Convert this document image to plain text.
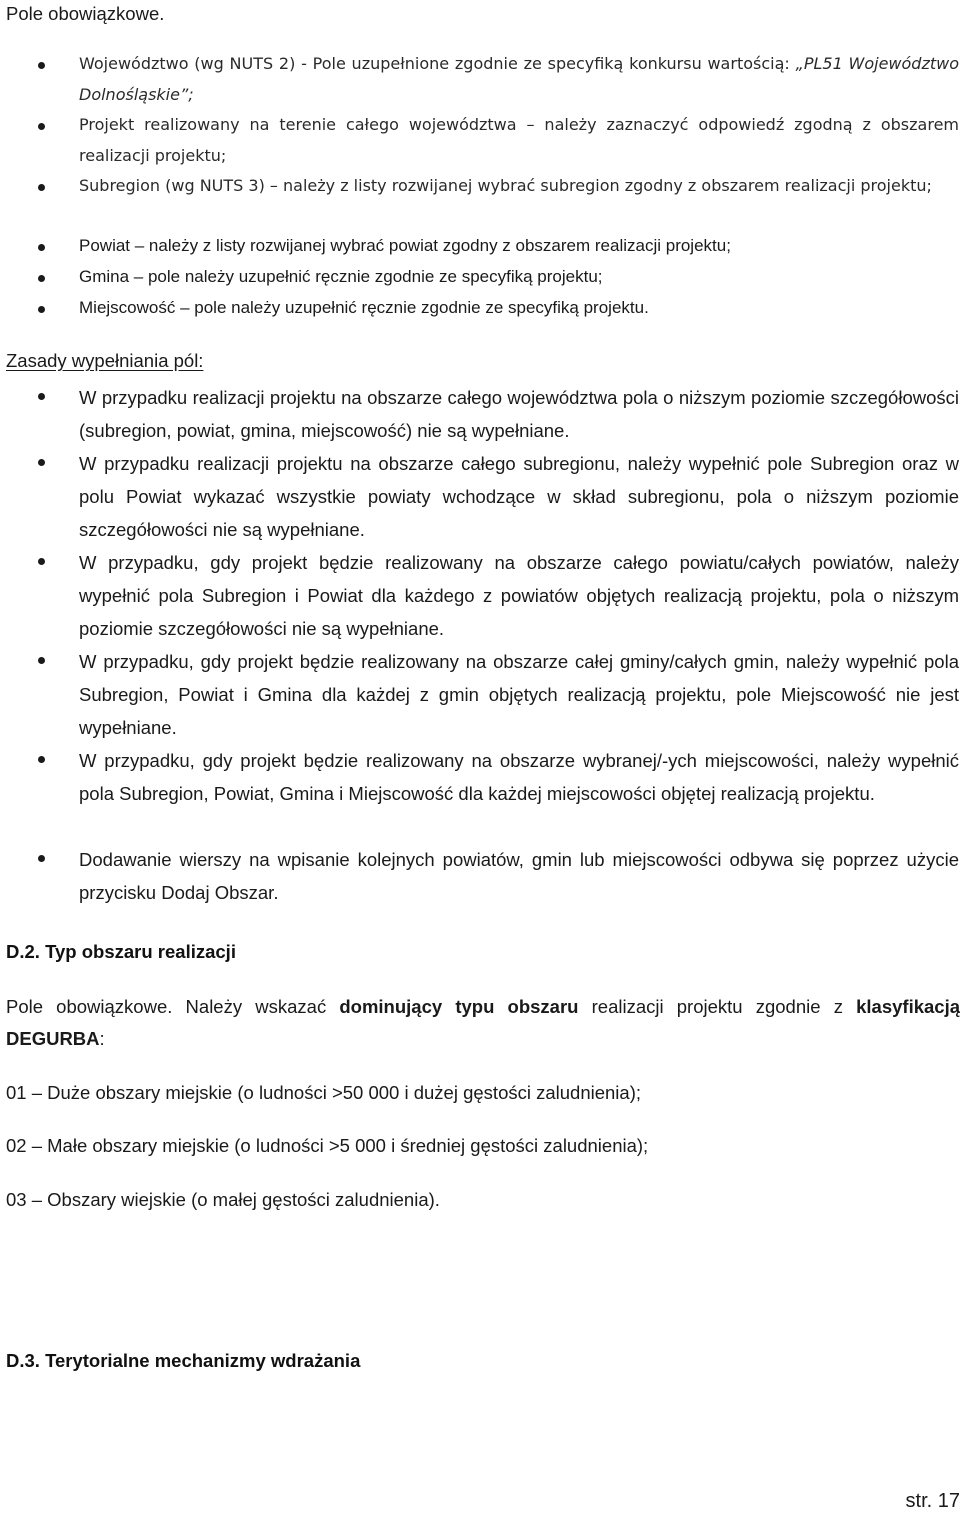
Pole obowiązkowe.
Województwo (wg NUTS 2) - Pole uzupełnione zgodnie ze specyfiką konkursu wartością: „PL51 Województwo Dolnośląskie”;
Projekt realizowany na terenie całego województwa – należy zaznaczyć odpowiedź zgodną z obszarem realizacji projektu;
Subregion (wg NUTS 3) – należy z listy rozwijanej wybrać subregion zgodny z obszarem realizacji projektu;
Powiat – należy z listy rozwijanej wybrać powiat zgodny z obszarem realizacji projektu;
Gmina – pole należy uzupełnić ręcznie zgodnie ze specyfiką projektu;
Miejscowość – pole należy uzupełnić ręcznie zgodnie ze specyfiką projektu.
Zasady wypełniania pól:
W przypadku realizacji projektu na obszarze całego województwa pola o niższym poziomie szczegółowości (subregion, powiat, gmina, miejscowość) nie są wypełniane.
W przypadku realizacji projektu na obszarze całego subregionu, należy wypełnić pole Subregion oraz w polu Powiat wykazać wszystkie powiaty wchodzące w skład subregionu, pola o niższym poziomie szczegółowości nie są wypełniane.
W przypadku, gdy projekt będzie realizowany na obszarze całego powiatu/całych powiatów, należy wypełnić pola Subregion i Powiat dla każdego z powiatów objętych realizacją projektu, pola o niższym poziomie szczegółowości nie są wypełniane.
W przypadku, gdy projekt będzie realizowany na obszarze całej gminy/całych gmin, należy wypełnić pola Subregion, Powiat i Gmina dla każdej z gmin objętych realizacją projektu, pole Miejscowość nie jest wypełniane.
W przypadku, gdy projekt będzie realizowany na obszarze wybranej/-ych miejscowości, należy wypełnić pola Subregion, Powiat, Gmina i Miejscowość dla każdej miejscowości objętej realizacją projektu.
Dodawanie wierszy na wpisanie kolejnych powiatów, gmin lub miejscowości odbywa się poprzez użycie przycisku Dodaj Obszar.
D.2. Typ obszaru realizacji
Pole obowiązkowe. Należy wskazać dominujący typu obszaru realizacji projektu zgodnie z klasyfikacją DEGURBA:
01 – Duże obszary miejskie (o ludności >50 000 i dużej gęstości zaludnienia);
02 – Małe obszary miejskie (o ludności >5 000 i średniej gęstości zaludnienia);
03 – Obszary wiejskie (o małej gęstości zaludnienia).
D.3. Terytorialne mechanizmy wdrażania
str. 17
